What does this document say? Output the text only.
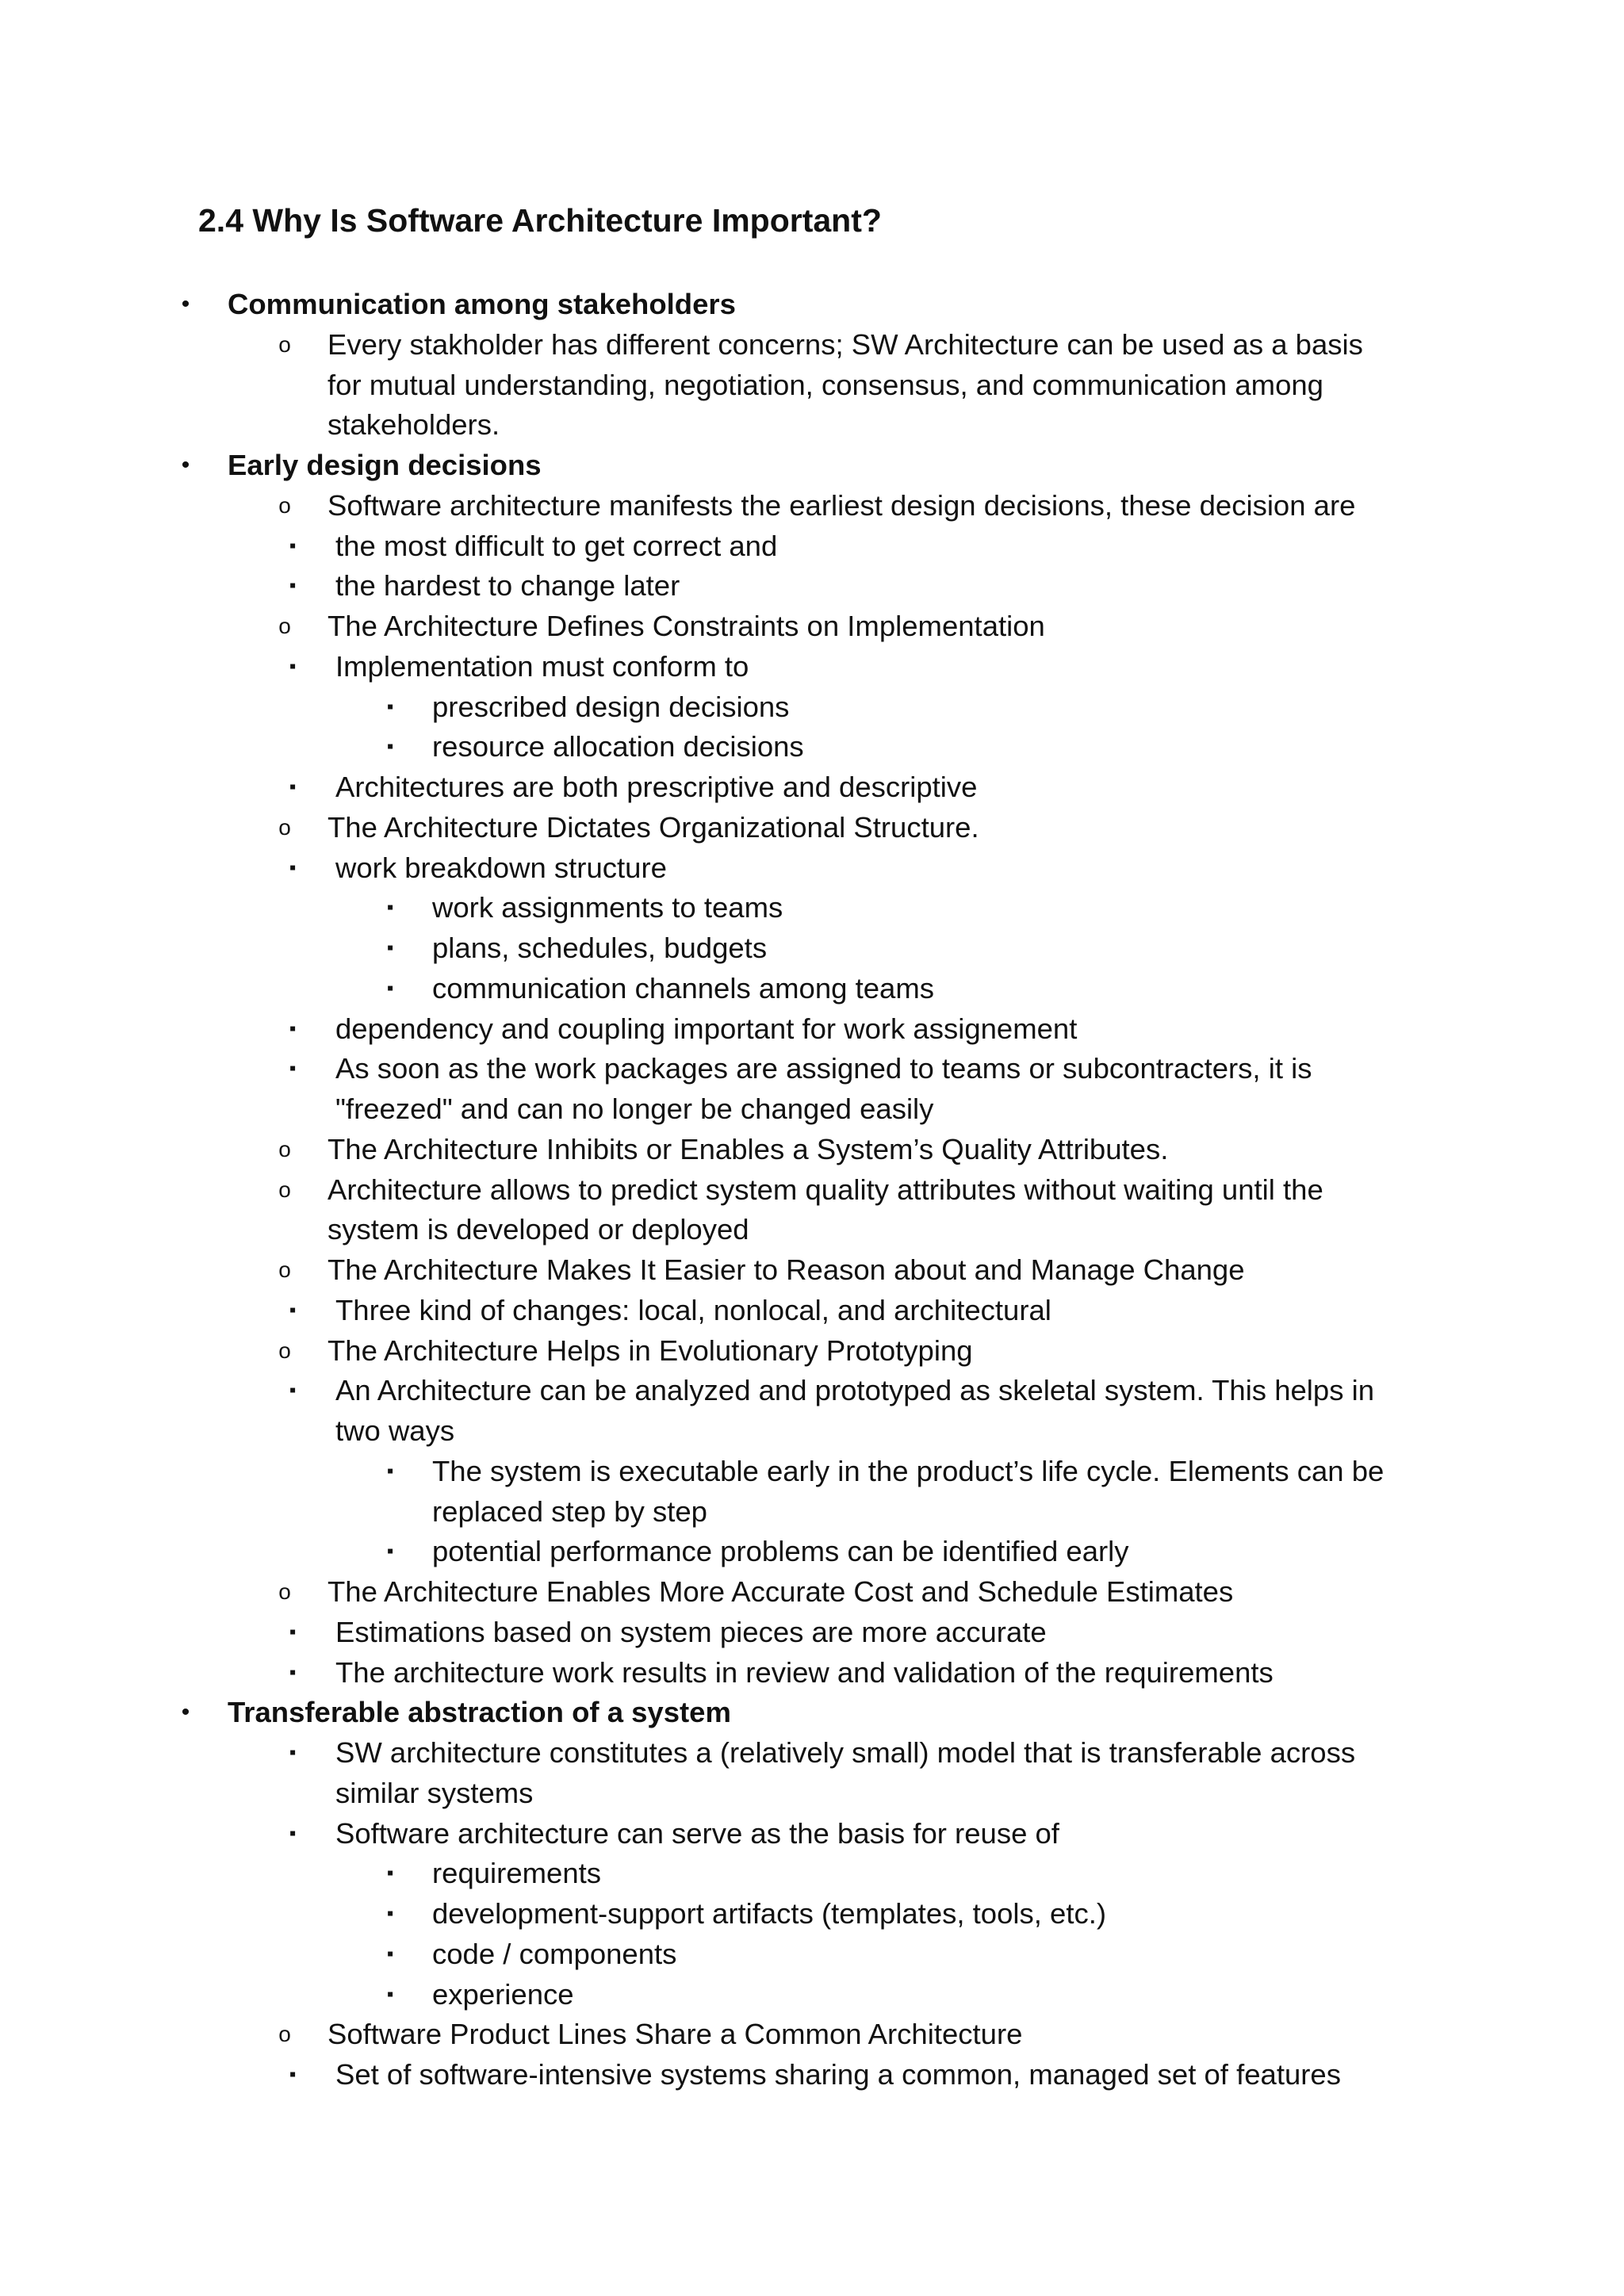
2.4 Why Is Software Architecture Important?
• Communication among stakeholders
o Every stakholder has different concerns; SW Architecture can be used as a basis
for mutual understanding, negotiation, consensus, and communication among
stakeholders.
• Early design decisions
o Software architecture manifests the earliest design decisions, these decision are
▪ the most difficult to get correct and
▪ the hardest to change later
o The Architecture Defines Constraints on Implementation
▪ Implementation must conform to
▪ prescribed design decisions
▪ resource allocation decisions
▪ Architectures are both prescriptive and descriptive
o The Architecture Dictates Organizational Structure.
▪ work breakdown structure
▪ work assignments to teams
▪ plans, schedules, budgets
▪ communication channels among teams
▪ dependency and coupling important for work assignement
▪ As soon as the work packages are assigned to teams or subcontracters, it is
"freezed" and can no longer be changed easily
o The Architecture Inhibits or Enables a System’s Quality Attributes.
o Architecture allows to predict system quality attributes without waiting until the
system is developed or deployed
o The Architecture Makes It Easier to Reason about and Manage Change
▪ Three kind of changes: local, nonlocal, and architectural
o The Architecture Helps in Evolutionary Prototyping
▪ An Architecture can be analyzed and prototyped as skeletal system. This helps in
two ways
▪ The system is executable early in the product’s life cycle. Elements can be
replaced step by step
▪ potential performance problems can be identified early
o The Architecture Enables More Accurate Cost and Schedule Estimates
▪ Estimations based on system pieces are more accurate
▪ The architecture work results in review and validation of the requirements
• Transferable abstraction of a system
▪ SW architecture constitutes a (relatively small) model that is transferable across
similar systems
▪ Software architecture can serve as the basis for reuse of
▪ requirements
▪ development-support artifacts (templates, tools, etc.)
▪ code / components
▪ experience
o Software Product Lines Share a Common Architecture
▪ Set of software-intensive systems sharing a common, managed set of features
